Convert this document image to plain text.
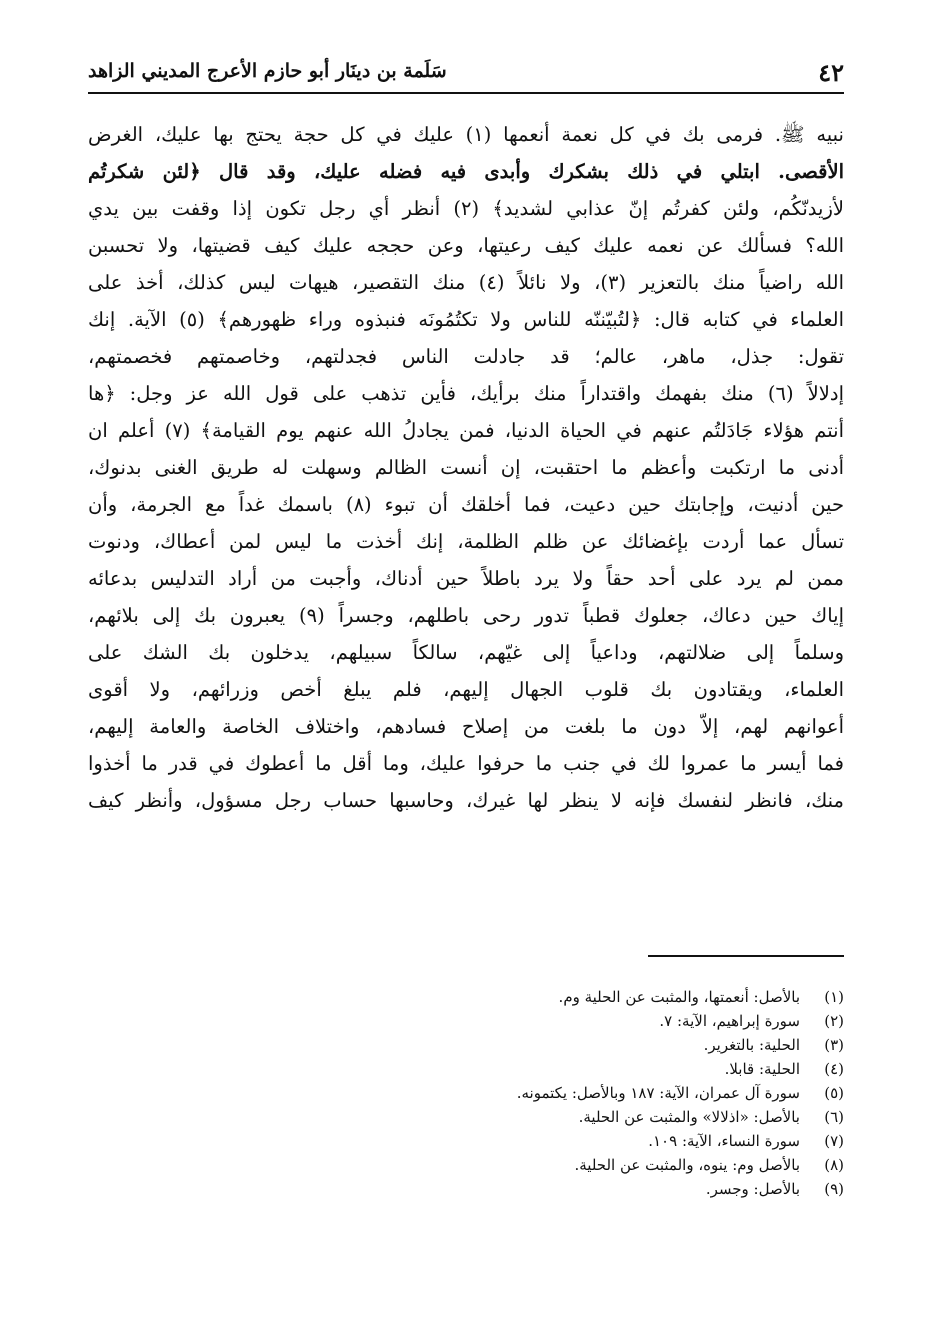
٤٢
سَلَمة بن دينَار أبو حازم الأعرج المديني الزاهد
نبيه ﷺ. فرمى بك في كل نعمة أنعمها (١) عليك في كل حجة يحتج بها عليك، الغرض
الأقصى. ابتلي في ذلك بشكرك وأبدى فيه فضله عليك، وقد قال ﴿لئن شكرتُم
لأزيدنّكُم، ولئن كفرتُم إنّ عذابي لشديد﴾ (٢) أنظر أي رجل تكون إذا وقفت بين يدي
الله؟ فسألك عن نعمه عليك كيف رعيتها، وعن حججه عليك كيف قضيتها، ولا تحسبن
الله راضياً منك بالتعزير (٣)، ولا نائلاً (٤) منك التقصير، هيهات ليس كذلك، أخذ على
العلماء في كتابه قال: ﴿لتُبيّننّه للناس ولا تكتُمُونَه فنبذوه وراء ظهورهم﴾ (٥) الآية. إنك
تقول: جذل، ماهر، عالم؛ قد جادلت الناس فجدلتهم، وخاصمتهم فخصمتهم،
إدلالاً (٦) منك بفهمك واقتداراً منك برأيك، فأين تذهب على قول الله عز وجل: ﴿ها
أنتم هؤلاء جَادَلتُم عنهم في الحياة الدنيا، فمن يجادلُ الله عنهم يوم القيامة﴾ (٧) أعلم ان
أدنى ما ارتكبت وأعظم ما احتقبت، إن أنست الظالم وسهلت له طريق الغنى بدنوك،
حين أدنيت، وإجابتك حين دعيت، فما أخلقك أن تبوء (٨) باسمك غداً مع الجرمة، وأن
تسأل عما أردت بإغضائك عن ظلم الظلمة، إنك أخذت ما ليس لمن أعطاك، ودنوت
ممن لم يرد على أحد حقاً ولا يرد باطلاً حين أدناك، وأجبت من أراد التدليس بدعائه
إياك حين دعاك، جعلوك قطباً تدور رحى باطلهم، وجسراً (٩) يعبرون بك إلى بلائهم،
وسلماً إلى ضلالتهم، وداعياً إلى غيّهم، سالكاً سبيلهم، يدخلون بك الشك على
العلماء، ويقتادون بك قلوب الجهال إليهم، فلم يبلغ أخص وزرائهم، ولا أقوى
أعوانهم لهم، إلاّ دون ما بلغت من إصلاح فسادهم، واختلاف الخاصة والعامة إليهم،
فما أيسر ما عمروا لك في جنب ما حرفوا عليك، وما أقل ما أعطوك في قدر ما أخذوا
منك، فانظر لنفسك فإنه لا ينظر لها غيرك، وحاسبها حساب رجل مسؤول، وأنظر كيف
(١)
بالأصل: أنعمتها، والمثبت عن الحلية وم.
(٢)
سورة إبراهيم، الآية: ٧.
(٣)
الحلية: بالتغرير.
(٤)
الحلية: قابلا.
(٥)
سورة آل عمران، الآية: ١٨٧ وبالأصل: يكتمونه.
(٦)
بالأصل: «اذلالا» والمثبت عن الحلية.
(٧)
سورة النساء، الآية: ١٠٩.
(٨)
بالأصل وم: ينوه، والمثبت عن الحلية.
(٩)
بالأصل: وجسر.
